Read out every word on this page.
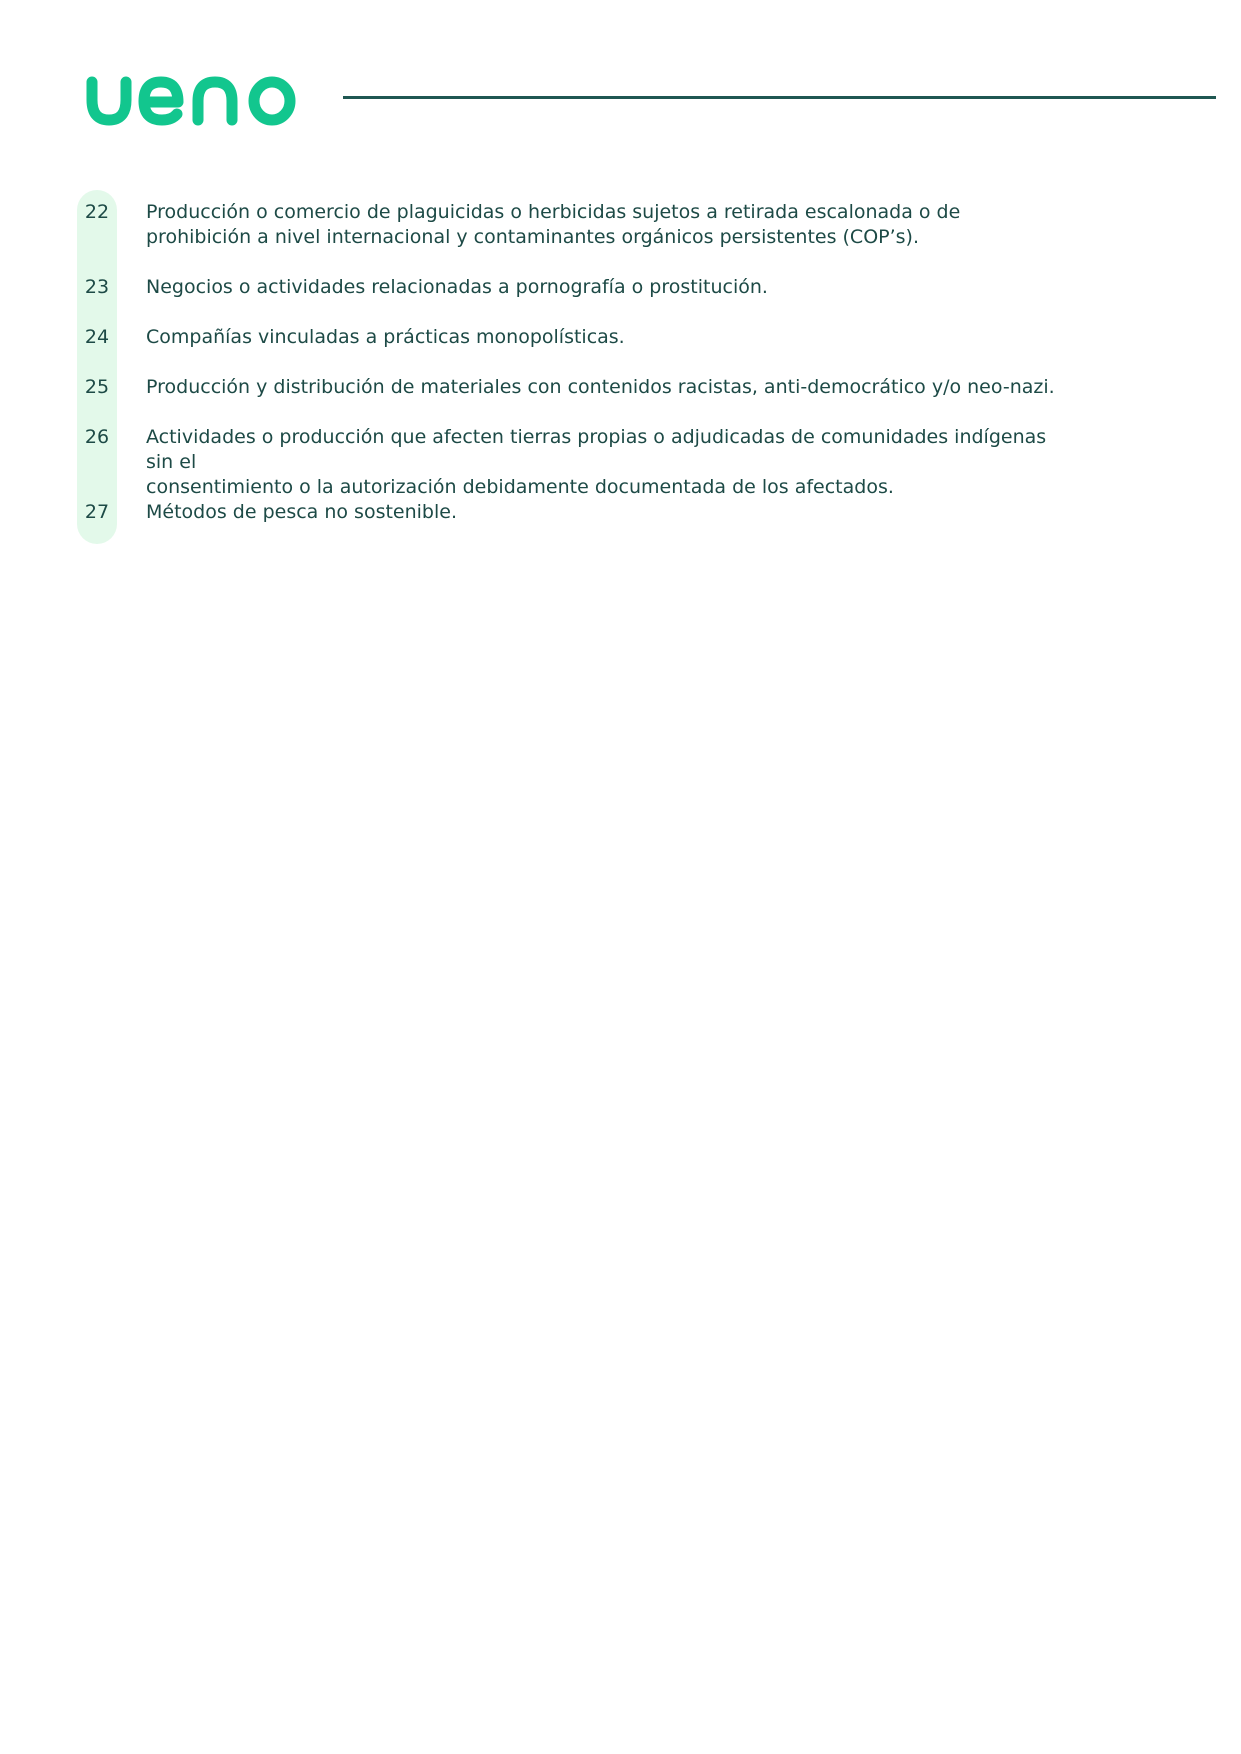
22	Producción o comercio de plaguicidas o herbicidas sujetos a retirada escalonada o de
prohibición a nivel internacional y contaminantes orgánicos persistentes (COP’s).
23	Negocios o actividades relacionadas a pornografía o prostitución.
24	Compañías vinculadas a prácticas monopolísticas.
25	Producción y distribución de materiales con contenidos racistas, anti-democrático y/o neo-nazi.
26	Actividades o producción que afecten tierras propias o adjudicadas de comunidades indígenas sin el
consentimiento o la autorización debidamente documentada de los afectados.
27	Métodos de pesca no sostenible.
